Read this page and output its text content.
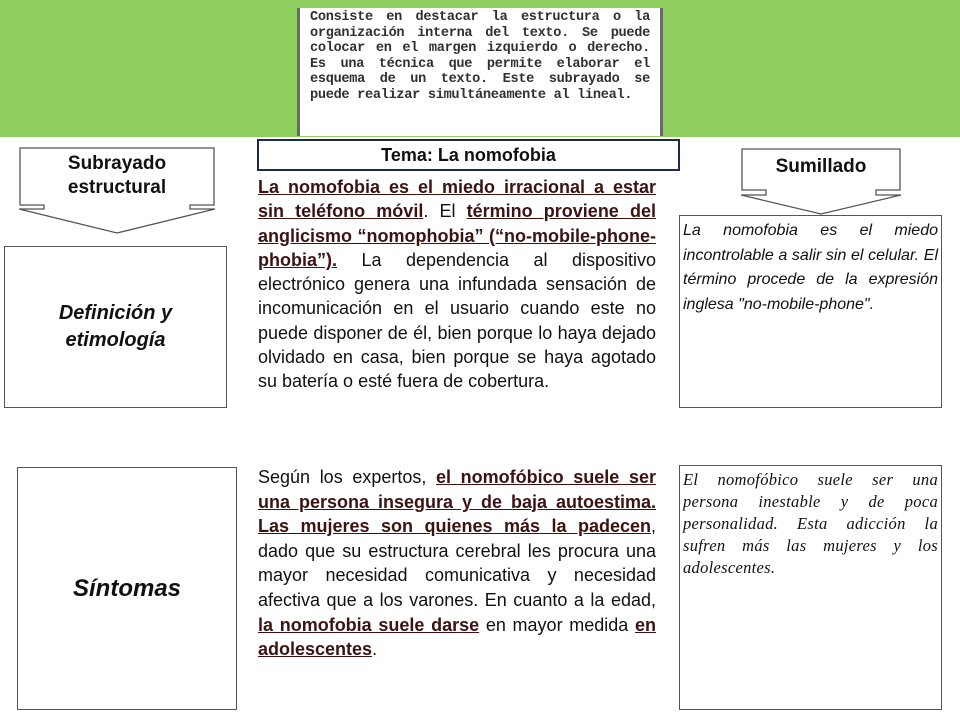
Consiste en destacar la estructura o la organización interna del texto. Se puede colocar en el margen izquierdo o derecho. Es una técnica que permite elaborar el esquema de un texto. Este subrayado se puede realizar simultáneamente al lineal.

Tema: La nomofobia
Subrayado
estructural
Sumillado
Definición y
etimología

La nomofobia es el miedo irracional a estar sin teléfono móvil. El término proviene del anglicismo “nomophobia” (“no-mobile-phone-phobia”). La dependencia al dispositivo electrónico genera una infundada sensación de incomunicación en el usuario cuando este no puede disponer de él, bien porque lo haya dejado olvidado en casa, bien porque se haya agotado su batería o esté fuera de cobertura.

La nomofobia es el miedo incontrolable a salir sin el celular. El término procede de la expresión inglesa "no-mobile-phone".

Síntomas

Según los expertos, el nomofóbico suele ser una persona insegura y de baja autoestima. Las mujeres son quienes más la padecen, dado que su estructura cerebral les procura una mayor necesidad comunicativa y necesidad afectiva que a los varones. En cuanto a la edad, la nomofobia suele darse en mayor medida en adolescentes.

El nomofóbico suele ser una persona inestable y de poca personalidad. Esta adicción la sufren más las mujeres y los adolescentes.
